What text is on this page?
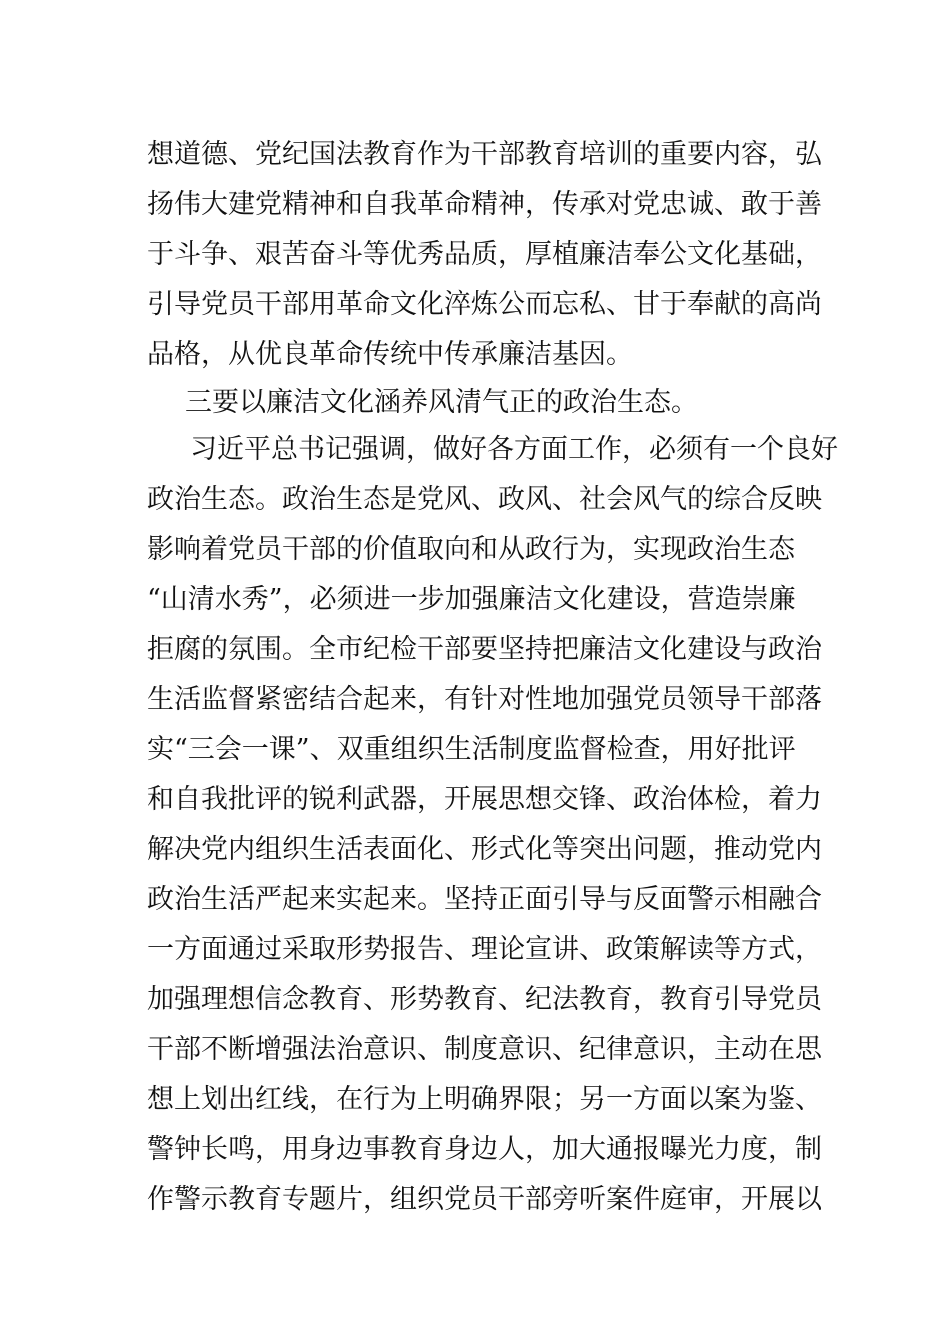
想道德、党纪国法教育作为干部教育培训的重要内容，弘
扬伟大建党精神和自我革命精神，传承对党忠诚、敢于善
于斗争、艰苦奋斗等优秀品质，厚植廉洁奉公文化基础，
引导党员干部用革命文化淬炼公而忘私、甘于奉献的高尚
品格，从优良革命传统中传承廉洁基因。
三要以廉洁文化涵养风清气正的政治生态。
习近平总书记强调，做好各方面工作，必须有一个良好
政治生态。政治生态是党风、政风、社会风气的综合反映
影响着党员干部的价值取向和从政行为，实现政治生态
“山清水秀”，必须进一步加强廉洁文化建设，营造崇廉
拒腐的氛围。全市纪检干部要坚持把廉洁文化建设与政治
生活监督紧密结合起来，有针对性地加强党员领导干部落
实“三会一课”、双重组织生活制度监督检查，用好批评
和自我批评的锐利武器，开展思想交锋、政治体检，着力
解决党内组织生活表面化、形式化等突出问题，推动党内
政治生活严起来实起来。坚持正面引导与反面警示相融合
一方面通过采取形势报告、理论宣讲、政策解读等方式，
加强理想信念教育、形势教育、纪法教育，教育引导党员
干部不断增强法治意识、制度意识、纪律意识，主动在思
想上划出红线，在行为上明确界限；另一方面以案为鉴、
警钟长鸣，用身边事教育身边人，加大通报曝光力度，制
作警示教育专题片，组织党员干部旁听案件庭审，开展以
